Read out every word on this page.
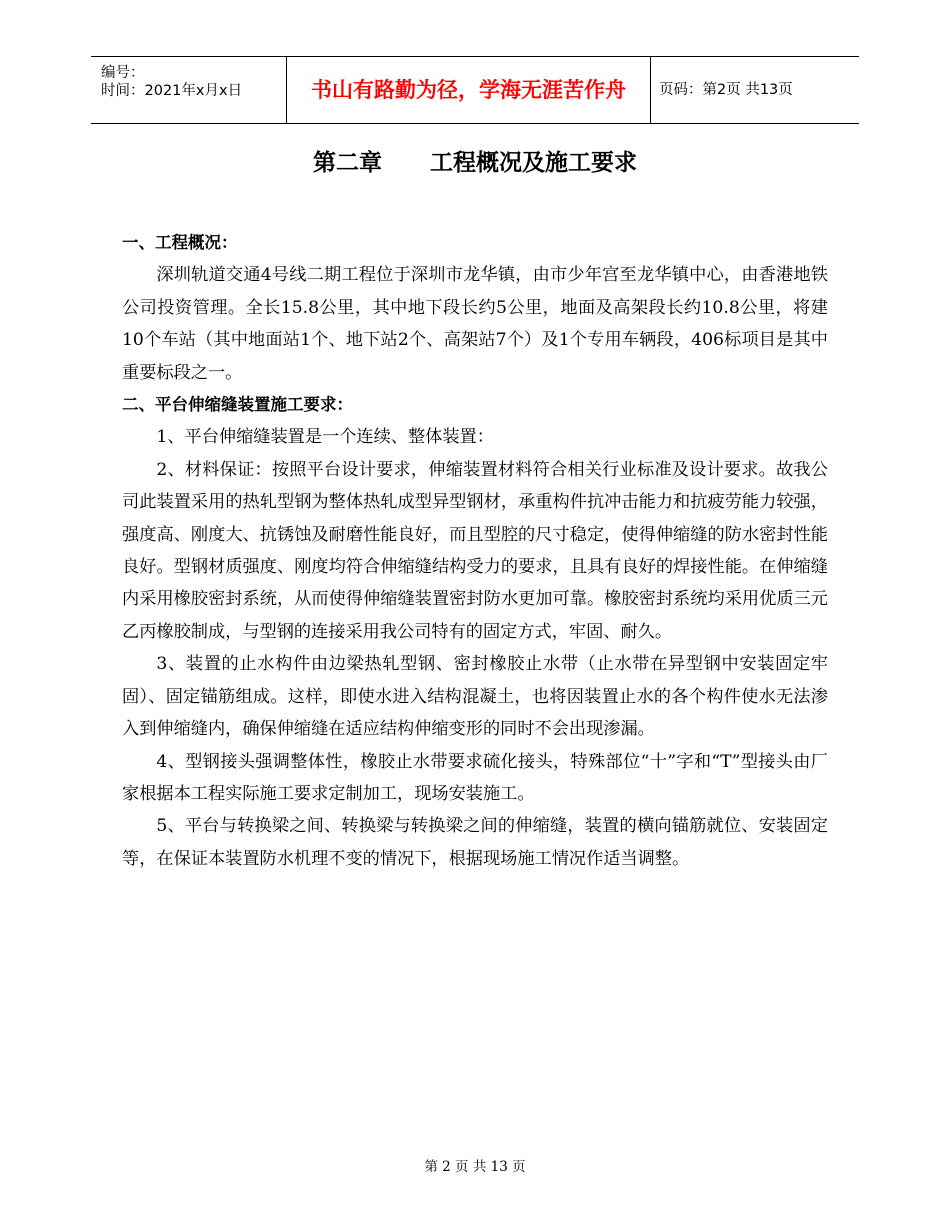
编号：
时间：2021年x月x日	书山有路勤为径，学海无涯苦作舟	页码：第2页 共13页
第二章      工程概况及施工要求
一、工程概况：

深圳轨道交通4号线二期工程位于深圳市龙华镇，由市少年宫至龙华镇中心，由香港地铁公司投资管理。全长15.8公里，其中地下段长约5公里，地面及高架段长约10.8公里，将建10个车站（其中地面站1个、地下站2个、高架站7个）及1个专用车辆段，406标项目是其中重要标段之一。

二、平台伸缩缝装置施工要求：

1、平台伸缩缝装置是一个连续、整体装置：

2、材料保证：按照平台设计要求，伸缩装置材料符合相关行业标准及设计要求。故我公司此装置采用的热轧型钢为整体热轧成型异型钢材，承重构件抗冲击能力和抗疲劳能力较强，强度高、刚度大、抗锈蚀及耐磨性能良好，而且型腔的尺寸稳定，使得伸缩缝的防水密封性能良好。型钢材质强度、刚度均符合伸缩缝结构受力的要求，且具有良好的焊接性能。在伸缩缝内采用橡胶密封系统，从而使得伸缩缝装置密封防水更加可靠。橡胶密封系统均采用优质三元乙丙橡胶制成，与型钢的连接采用我公司特有的固定方式，牢固、耐久。

3、装置的止水构件由边梁热轧型钢、密封橡胶止水带（止水带在异型钢中安装固定牢固）、固定锚筋组成。这样，即使水进入结构混凝土，也将因装置止水的各个构件使水无法渗入到伸缩缝内，确保伸缩缝在适应结构伸缩变形的同时不会出现渗漏。

4、型钢接头强调整体性，橡胶止水带要求硫化接头，特殊部位“十”字和“T”型接头由厂家根据本工程实际施工要求定制加工，现场安装施工。

5、平台与转换梁之间、转换梁与转换梁之间的伸缩缝，装置的横向锚筋就位、安装固定等，在保证本装置防水机理不变的情况下，根据现场施工情况作适当调整。

第 2 页 共 13 页
